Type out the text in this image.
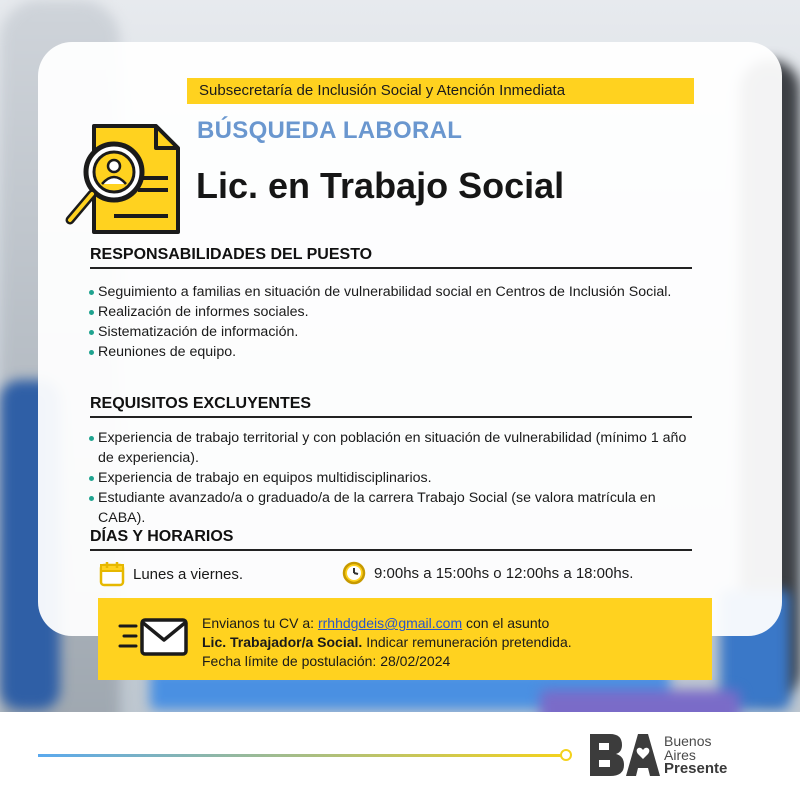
Subsecretaría de Inclusión Social y Atención Inmediata
BÚSQUEDA LABORAL
Lic. en Trabajo Social
RESPONSABILIDADES DEL PUESTO
Seguimiento a familias en situación de vulnerabilidad social en Centros de Inclusión Social.
Realización de informes sociales.
Sistematización de información.
Reuniones de equipo.
REQUISITOS EXCLUYENTES
Experiencia de trabajo territorial y con población en situación de vulnerabilidad (mínimo 1 año de experiencia).
Experiencia de trabajo en equipos multidisciplinarios.
Estudiante avanzado/a o graduado/a de la carrera Trabajo Social (se valora matrícula en CABA).
DÍAS Y HORARIOS
Lunes a viernes.	9:00hs a 15:00hs o 12:00hs a 18:00hs.
Envianos tu CV a: rrhhdgdeis@gmail.com con el asunto
Lic. Trabajador/a Social. Indicar remuneración pretendida.
Fecha límite de postulación: 28/02/2024
Buenos
Aires
Presente
